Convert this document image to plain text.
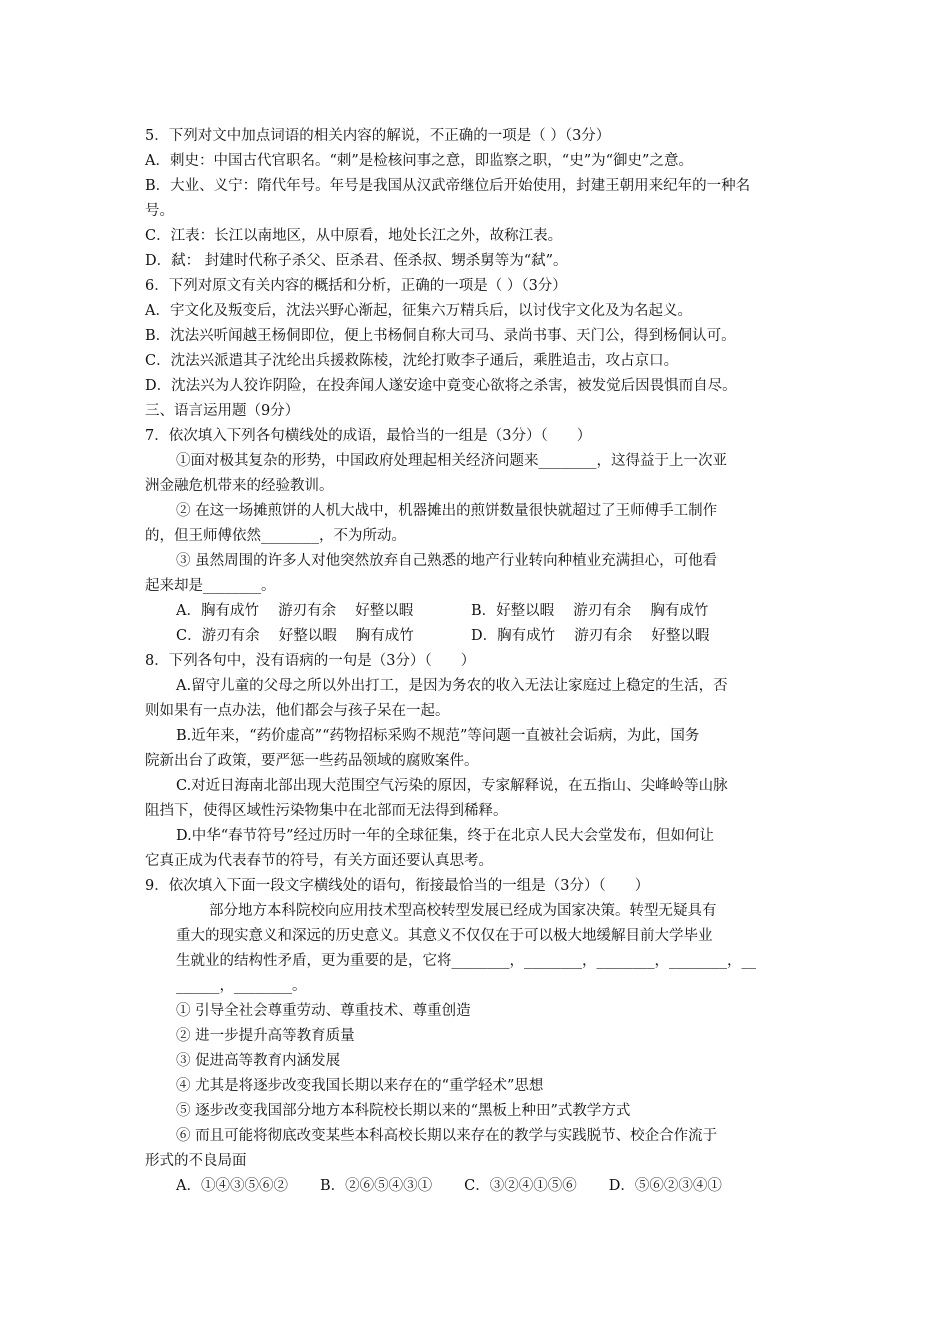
5．下列对文中加点词语的相关内容的解说，不正确的一项是（ ）（3分）

A．刺史：中国古代官职名。“刺”是检核问事之意，即监察之职，“史”为“御史”之意。

B．大业、义宁：隋代年号。年号是我国从汉武帝继位后开始使用，封建王朝用来纪年的一种名

号。

C．江表：长江以南地区，从中原看，地处长江之外，故称江表。

D．弑： 封建时代称子杀父、臣杀君、侄杀叔、甥杀舅等为“弑”。

6．下列对原文有关内容的概括和分析，正确的一项是（ ）（3分）

A．宇文化及叛变后，沈法兴野心渐起，征集六万精兵后，以讨伐宇文化及为名起义。

B．沈法兴听闻越王杨侗即位，便上书杨侗自称大司马、录尚书事、天门公，得到杨侗认可。

C．沈法兴派遣其子沈纶出兵援救陈棱，沈纶打败李子通后，乘胜追击，攻占京口。

D．沈法兴为人狡诈阴险，在投奔闻人遂安途中竟变心欲将之杀害，被发觉后因畏惧而自尽。

三、语言运用题（9分）

7．依次填入下列各句横线处的成语，最恰当的一组是（3分）（　　）

①面对极其复杂的形势，中国政府处理起相关经济问题来________，这得益于上一次亚

洲金融危机带来的经验教训。

② 在这一场摊煎饼的人机大战中，机器摊出的煎饼数量很快就超过了王师傅手工制作

的，但王师傅依然________，不为所动。

③ 虽然周围的许多人对他突然放弃自己熟悉的地产行业转向种植业充满担心，可他看

起来却是________。

A．胸有成竹　 游刃有余　 好整以暇	B．好整以暇　 游刃有余　 胸有成竹
C．游刃有余　 好整以暇　 胸有成竹	D．胸有成竹　 游刃有余　 好整以暇

8．下列各句中，没有语病的一句是（3分）（　　）

A.留守儿童的父母之所以外出打工，是因为务农的收入无法让家庭过上稳定的生活，否

则如果有一点办法，他们都会与孩子呆在一起。

B.近年来，“药价虚高”“药物招标采购不规范”等问题一直被社会诟病，为此，国务

院新出台了政策，要严惩一些药品领域的腐败案件。

C.对近日海南北部出现大范围空气污染的原因，专家解释说，在五指山、尖峰岭等山脉

阻挡下，使得区域性污染物集中在北部而无法得到稀释。

D.中华“春节符号”经过历时一年的全球征集，终于在北京人民大会堂发布，但如何让

它真正成为代表春节的符号，有关方面还要认真思考。

9．依次填入下面一段文字横线处的语句，衔接最恰当的一组是（3分）（　　）

部分地方本科院校向应用技术型高校转型发展已经成为国家决策。转型无疑具有

重大的现实意义和深远的历史意义。其意义不仅仅在于可以极大地缓解目前大学毕业

生就业的结构性矛盾，更为重要的是，它将________，________，________，________，__

______，________。

① 引导全社会尊重劳动、尊重技术、尊重创造

② 进一步提升高等教育质量

③ 促进高等教育内涵发展

④ 尤其是将逐步改变我国长期以来存在的“重学轻术”思想

⑤ 逐步改变我国部分地方本科院校长期以来的“黑板上种田”式教学方式

⑥ 而且可能将彻底改变某些本科高校长期以来存在的教学与实践脱节、校企合作流于

形式的不良局面

A．①④③⑤⑥② B．②⑥⑤④③① C．③②④①⑤⑥ D．⑤⑥②③④①
